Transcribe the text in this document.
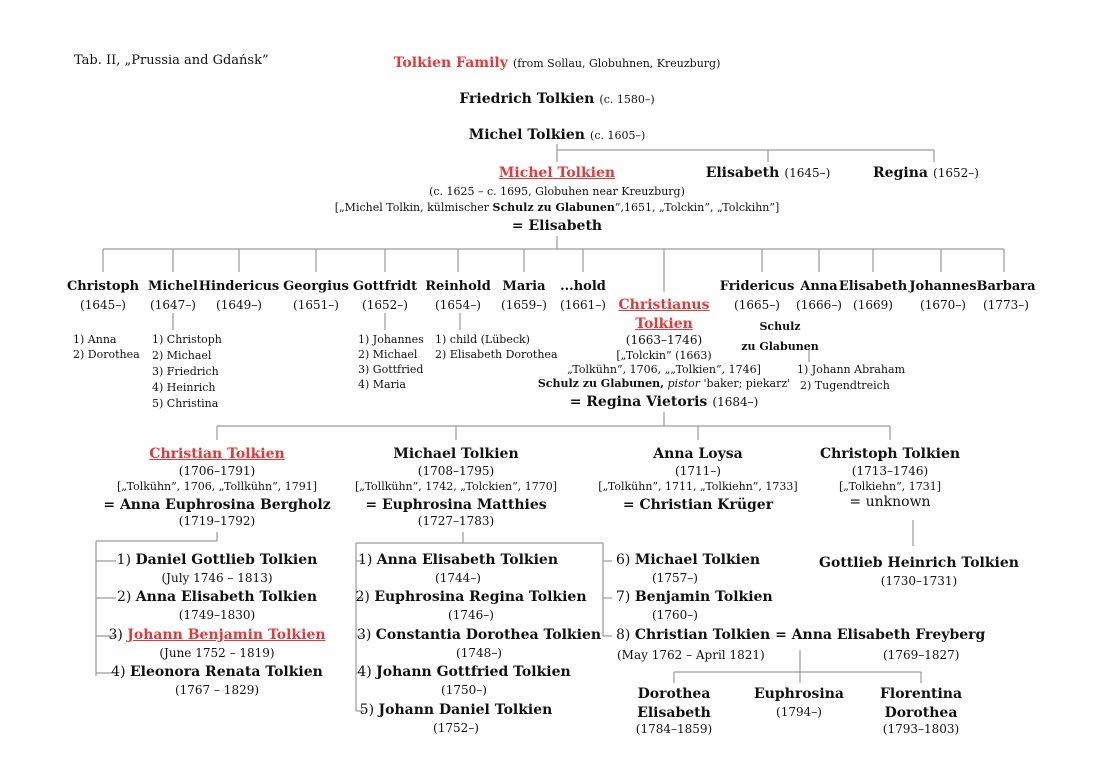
Tab. II, „Prussia and Gdańsk”	Tolkien Family (from Sollau, Globuhnen, Kreuzburg)
Friedrich Tolkien (c. 1580–)
Michel Tolkien (c. 1605–)
Michel Tolkien
(c. 1625 – c. 1695, Globuhen near Kreuzburg)
[„Michel Tolkin, külmischer Schulz zu Glabunen”,1651, „Tolckin”, „Tolckihn”]
= Elisabeth
Elisabeth (1645–)	Regina (1652–)
Christoph
(1645–)
Michel
(1647–)
Hindericus
(1649–)
Georgius
(1651–)
Gottfridt
(1652–)
Reinhold
(1654–)
Maria
(1659–)
...hold
(1661–) Christianus
Tolkien
(1663–1746)
[„Tolckin” (1663)
„Tolkühn”, 1706, „„Tolkien”, 1746]
Schulz zu Glabunen, pistor 'baker; piekarz'
= Regina Vietoris (1684–)
Fridericus
(1665–)
Schulz
zu Glabunen
Anna
(1666–)
Elisabeth
(1669)
Johannes
(1670–)
Barbara
(1773–)
1) Anna
2) Dorothea
1) Christoph
2) Michael
3) Friedrich
4) Heinrich
5) Christina
1) Johannes
2) Michael
3) Gottfried
4) Maria
1) child (Lübeck)
2) Elisabeth Dorothea
1) Johann Abraham
2) Tugendtreich
Christian Tolkien
(1706–1791)
[„Tolkühn”, 1706, „Tollkühn”, 1791]
= Anna Euphrosina Bergholz
(1719–1792)
Michael Tolkien
(1708–1795)
[„Tollkühn”, 1742, „Tolckien”, 1770]
= Euphrosina Matthies
(1727–1783)
Anna Loysa
(1711–)
[„Tolkühn”, 1711, „Tolkiehn”, 1733]
= Christian Krüger
Christoph Tolkien
(1713–1746)
[„Tolkiehn”, 1731]
= unknown
1) Daniel Gottlieb Tolkien
(July 1746 – 1813)
2) Anna Elisabeth Tolkien
(1749–1830)
3) Johann Benjamin Tolkien
(June 1752 – 1819)
4) Eleonora Renata Tolkien
(1767 – 1829)
1) Anna Elisabeth Tolkien
(1744–)
2) Euphrosina Regina Tolkien
(1746–)
3) Constantia Dorothea Tolkien
(1748–)
4) Johann Gottfried Tolkien
(1750–)
5) Johann Daniel Tolkien
(1752–)
6) Michael Tolkien
(1757–)
7) Benjamin Tolkien
(1760–)
8) Christian Tolkien = Anna Elisabeth Freyberg
(May 1762 – April 1821)	(1769–1827)
Gottlieb Heinrich Tolkien
(1730–1731)
Dorothea
Elisabeth
(1784–1859)
Euphrosina
(1794–)
Florentina
Dorothea
(1793–1803)
